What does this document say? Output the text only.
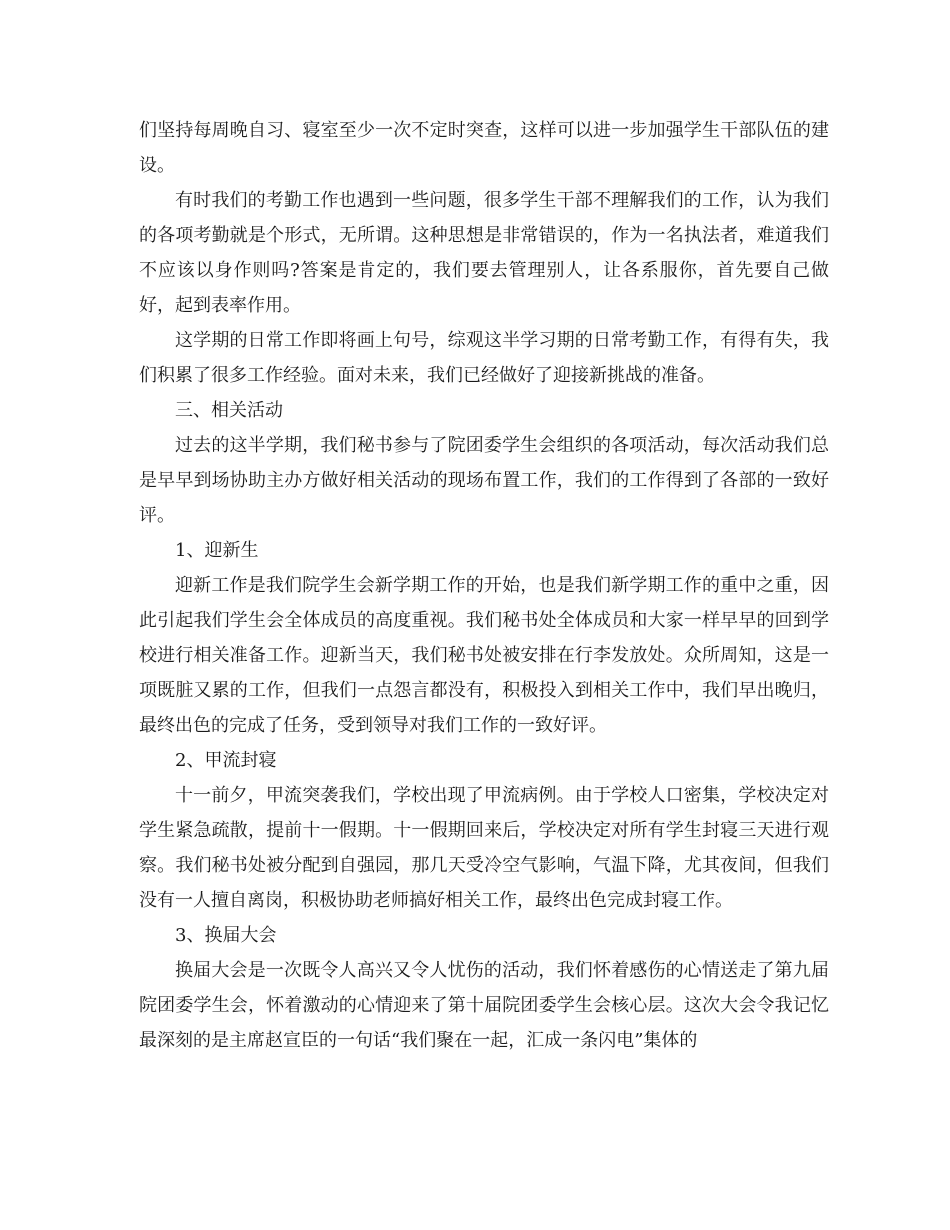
们坚持每周晚自习、寝室至少一次不定时突查，这样可以进一步加强学生干部队伍的建设。

有时我们的考勤工作也遇到一些问题，很多学生干部不理解我们的工作，认为我们的各项考勤就是个形式，无所谓。这种思想是非常错误的，作为一名执法者，难道我们不应该以身作则吗?答案是肯定的，我们要去管理别人，让各系服你，首先要自己做好，起到表率作用。

这学期的日常工作即将画上句号，综观这半学习期的日常考勤工作，有得有失，我们积累了很多工作经验。面对未来，我们已经做好了迎接新挑战的准备。

三、相关活动

过去的这半学期，我们秘书参与了院团委学生会组织的各项活动，每次活动我们总是早早到场协助主办方做好相关活动的现场布置工作，我们的工作得到了各部的一致好评。

1、迎新生

迎新工作是我们院学生会新学期工作的开始，也是我们新学期工作的重中之重，因此引起我们学生会全体成员的高度重视。我们秘书处全体成员和大家一样早早的回到学校进行相关准备工作。迎新当天，我们秘书处被安排在行李发放处。众所周知，这是一项既脏又累的工作，但我们一点怨言都没有，积极投入到相关工作中，我们早出晚归，最终出色的完成了任务，受到领导对我们工作的一致好评。

2、甲流封寝

十一前夕，甲流突袭我们，学校出现了甲流病例。由于学校人口密集，学校决定对学生紧急疏散，提前十一假期。十一假期回来后，学校决定对所有学生封寝三天进行观察。我们秘书处被分配到自强园，那几天受冷空气影响，气温下降，尤其夜间，但我们没有一人擅自离岗，积极协助老师搞好相关工作，最终出色完成封寝工作。

3、换届大会

换届大会是一次既令人高兴又令人忧伤的活动，我们怀着感伤的心情送走了第九届院团委学生会，怀着激动的心情迎来了第十届院团委学生会核心层。这次大会令我记忆最深刻的是主席赵宣臣的一句话“我们聚在一起，汇成一条闪电”集体的
